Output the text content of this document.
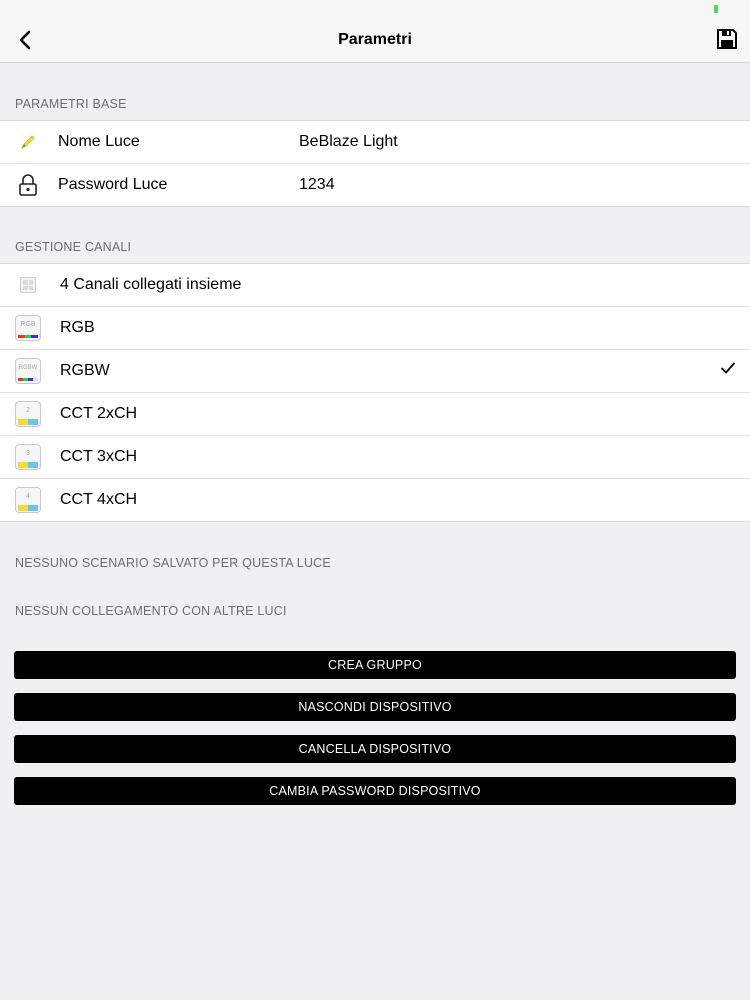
Parametri
PARAMETRI BASE
Nome Luce	BeBlaze Light
Password Luce	1234
GESTIONE CANALI
4 Canali collegati insieme
RGB	RGB
RGBW RGBW
2	CCT 2xCH
3	CCT 3xCH
4	CCT 4xCH
NESSUNO SCENARIO SALVATO PER QUESTA LUCE
NESSUN COLLEGAMENTO CON ALTRE LUCI
CREA GRUPPO
NASCONDI DISPOSITIVO
CANCELLA DISPOSITIVO
CAMBIA PASSWORD DISPOSITIVO
